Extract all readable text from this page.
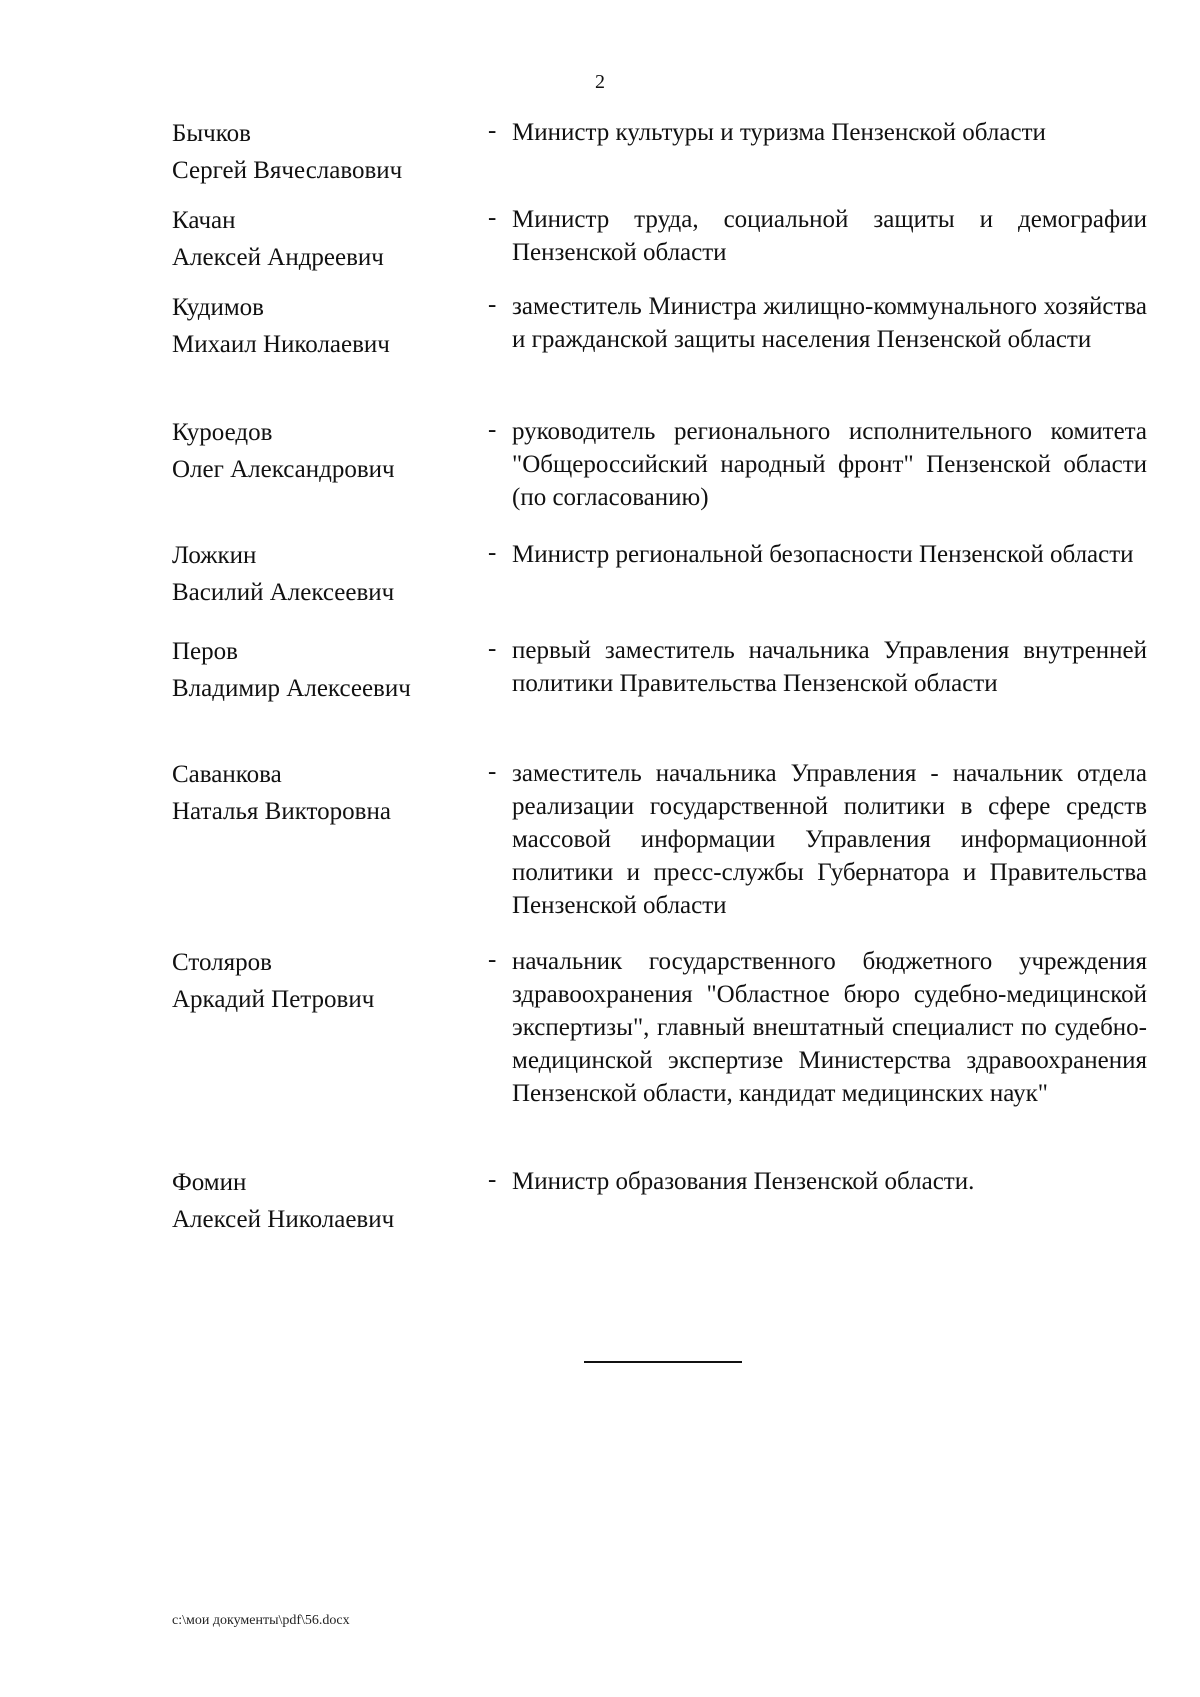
2
Бычков
Сергей Вячеславович
- Министр культуры и туризма Пензенской области
Качан
Алексей Андреевич
- Министр труда, социальной защиты и демографии Пензенской области
Кудимов
Михаил Николаевич
- заместитель Министра жилищно-коммунального хозяйства и гражданской защиты населения Пензенской области
Куроедов
Олег Александрович
- руководитель регионального исполнительного комитета "Общероссийский народный фронт" Пензенской области (по согласованию)
Ложкин
Василий Алексеевич
- Министр региональной безопасности Пензенской области
Перов
Владимир Алексеевич
- первый заместитель начальника Управления внутренней политики Правительства Пензенской области
Саванкова
Наталья Викторовна
- заместитель начальника Управления - начальник отдела реализации государственной политики в сфере средств массовой информации Управления информационной политики и пресс-службы Губернатора и Правительства Пензенской области
Столяров
Аркадий Петрович
- начальник государственного бюджетного учреждения здравоохранения "Областное бюро судебно-медицинской экспертизы", главный внештатный специалист по судебно-медицинской экспертизе Министерства здравоохранения Пензенской области, кандидат медицинских наук"
Фомин
Алексей Николаевич
- Министр образования Пензенской области.
c:\мои документы\pdf\56.docx
